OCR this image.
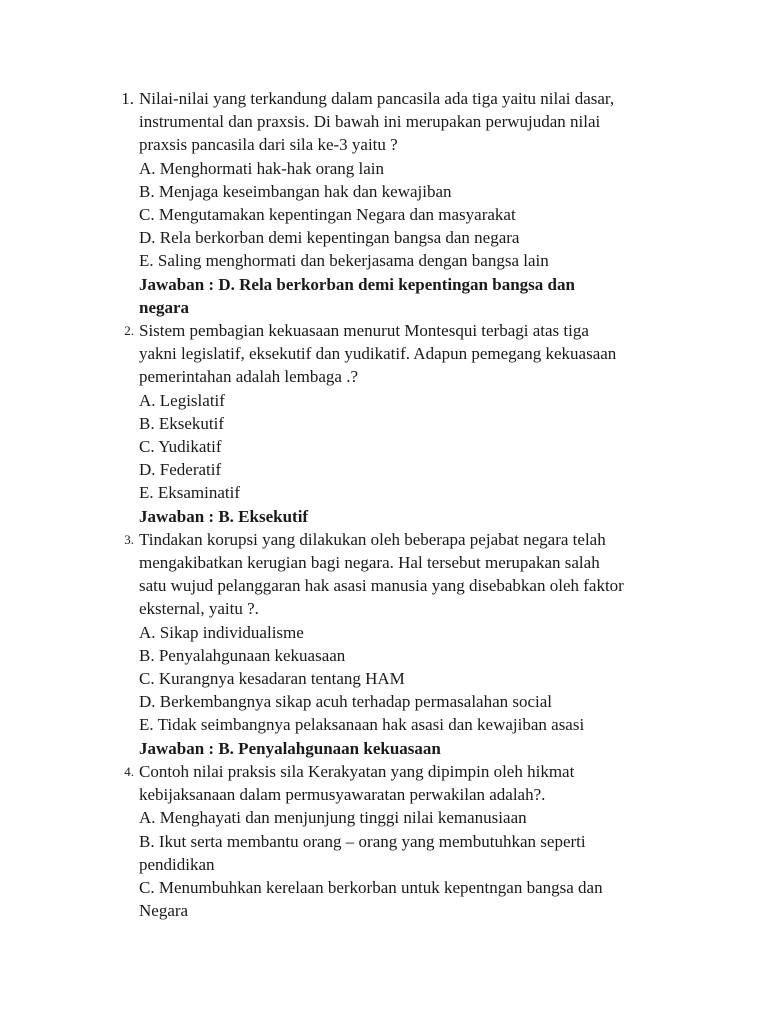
1. Nilai-nilai yang terkandung dalam pancasila ada tiga yaitu nilai dasar,
instrumental dan praxsis. Di bawah ini merupakan perwujudan nilai
praxsis pancasila dari sila ke-3 yaitu ?
A. Menghormati hak-hak orang lain
B. Menjaga keseimbangan hak dan kewajiban
C. Mengutamakan kepentingan Negara dan masyarakat
D. Rela berkorban demi kepentingan bangsa dan negara
E. Saling menghormati dan bekerjasama dengan bangsa lain
Jawaban : D. Rela berkorban demi kepentingan bangsa dan
negara
2. Sistem pembagian kekuasaan menurut Montesqui terbagi atas tiga
yakni legislatif, eksekutif dan yudikatif. Adapun pemegang kekuasaan
pemerintahan adalah lembaga .?
A. Legislatif
B. Eksekutif
C. Yudikatif
D. Federatif
E. Eksaminatif
Jawaban : B. Eksekutif
3. Tindakan korupsi yang dilakukan oleh beberapa pejabat negara telah
mengakibatkan kerugian bagi negara. Hal tersebut merupakan salah
satu wujud pelanggaran hak asasi manusia yang disebabkan oleh faktor
eksternal, yaitu ?.
A. Sikap individualisme
B. Penyalahgunaan kekuasaan
C. Kurangnya kesadaran tentang HAM
D. Berkembangnya sikap acuh terhadap permasalahan social
E. Tidak seimbangnya pelaksanaan hak asasi dan kewajiban asasi
Jawaban : B. Penyalahgunaan kekuasaan
4. Contoh nilai praksis sila Kerakyatan yang dipimpin oleh hikmat
kebijaksanaan dalam permusyawaratan perwakilan adalah?.
A. Menghayati dan menjunjung tinggi nilai kemanusiaan
B. Ikut serta membantu orang – orang yang membutuhkan seperti
pendidikan
C. Menumbuhkan kerelaan berkorban untuk kepentngan bangsa dan
Negara
